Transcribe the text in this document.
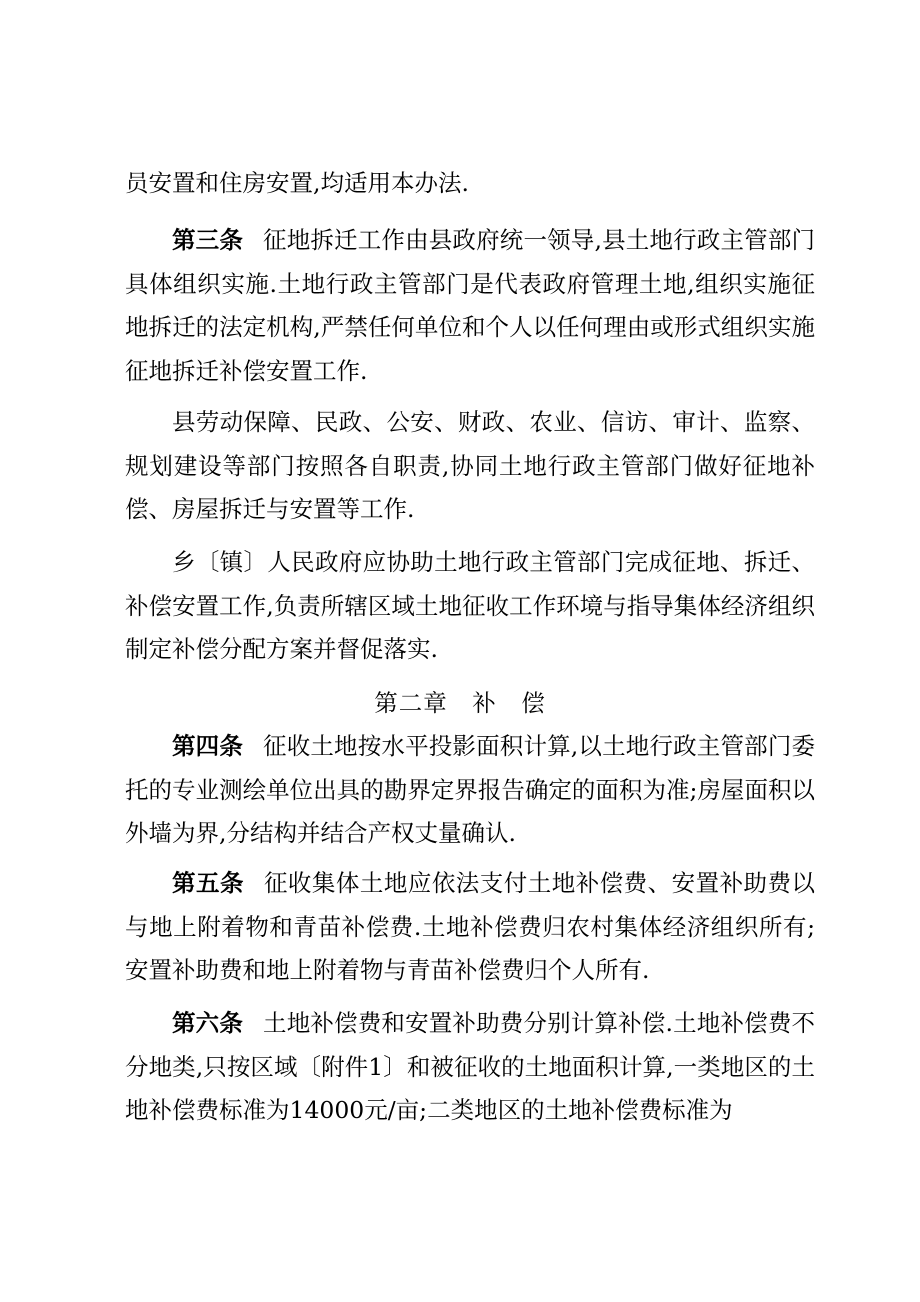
员安置和住房安置,均适用本办法.

第三条 征地拆迁工作由县政府统一领导,县土地行政主管部门具体组织实施.土地行政主管部门是代表政府管理土地,组织实施征地拆迁的法定机构,严禁任何单位和个人以任何理由或形式组织实施征地拆迁补偿安置工作.

县劳动保障、民政、公安、财政、农业、信访、审计、监察、规划建设等部门按照各自职责,协同土地行政主管部门做好征地补偿、房屋拆迁与安置等工作.

乡〔镇〕人民政府应协助土地行政主管部门完成征地、拆迁、补偿安置工作,负责所辖区域土地征收工作环境与指导集体经济组织制定补偿分配方案并督促落实.

第二章　补　偿

第四条 征收土地按水平投影面积计算,以土地行政主管部门委托的专业测绘单位出具的勘界定界报告确定的面积为准;房屋面积以外墙为界,分结构并结合产权丈量确认.

第五条 征收集体土地应依法支付土地补偿费、安置补助费以与地上附着物和青苗补偿费.土地补偿费归农村集体经济组织所有;安置补助费和地上附着物与青苗补偿费归个人所有.

第六条 土地补偿费和安置补助费分别计算补偿.土地补偿费不分地类,只按区域〔附件1〕和被征收的土地面积计算,一类地区的土地补偿费标准为14000元/亩;二类地区的土地补偿费标准为
